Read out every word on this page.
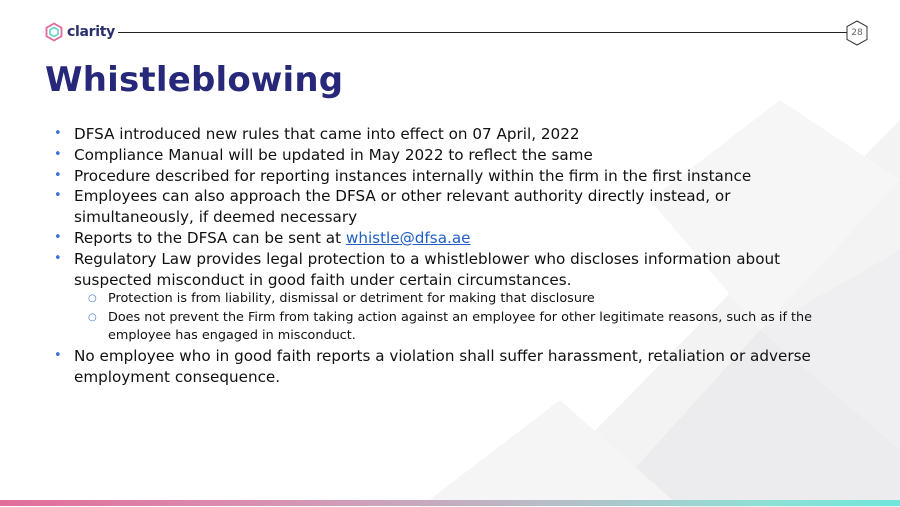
clarity	28
Whistleblowing
• DFSA introduced new rules that came into effect on 07 April, 2022
• Compliance Manual will be updated in May 2022 to reflect the same
• Procedure described for reporting instances internally within the firm in the first instance
• Employees can also approach the DFSA or other relevant authority directly instead, or simultaneously, if deemed necessary
• Reports to the DFSA can be sent at whistle@dfsa.ae
• Regulatory Law provides legal protection to a whistleblower who discloses information about suspected misconduct in good faith under certain circumstances.
○ Protection is from liability, dismissal or detriment for making that disclosure
○ Does not prevent the Firm from taking action against an employee for other legitimate reasons, such as if the employee has engaged in misconduct.
• No employee who in good faith reports a violation shall suffer harassment, retaliation or adverse employment consequence.
